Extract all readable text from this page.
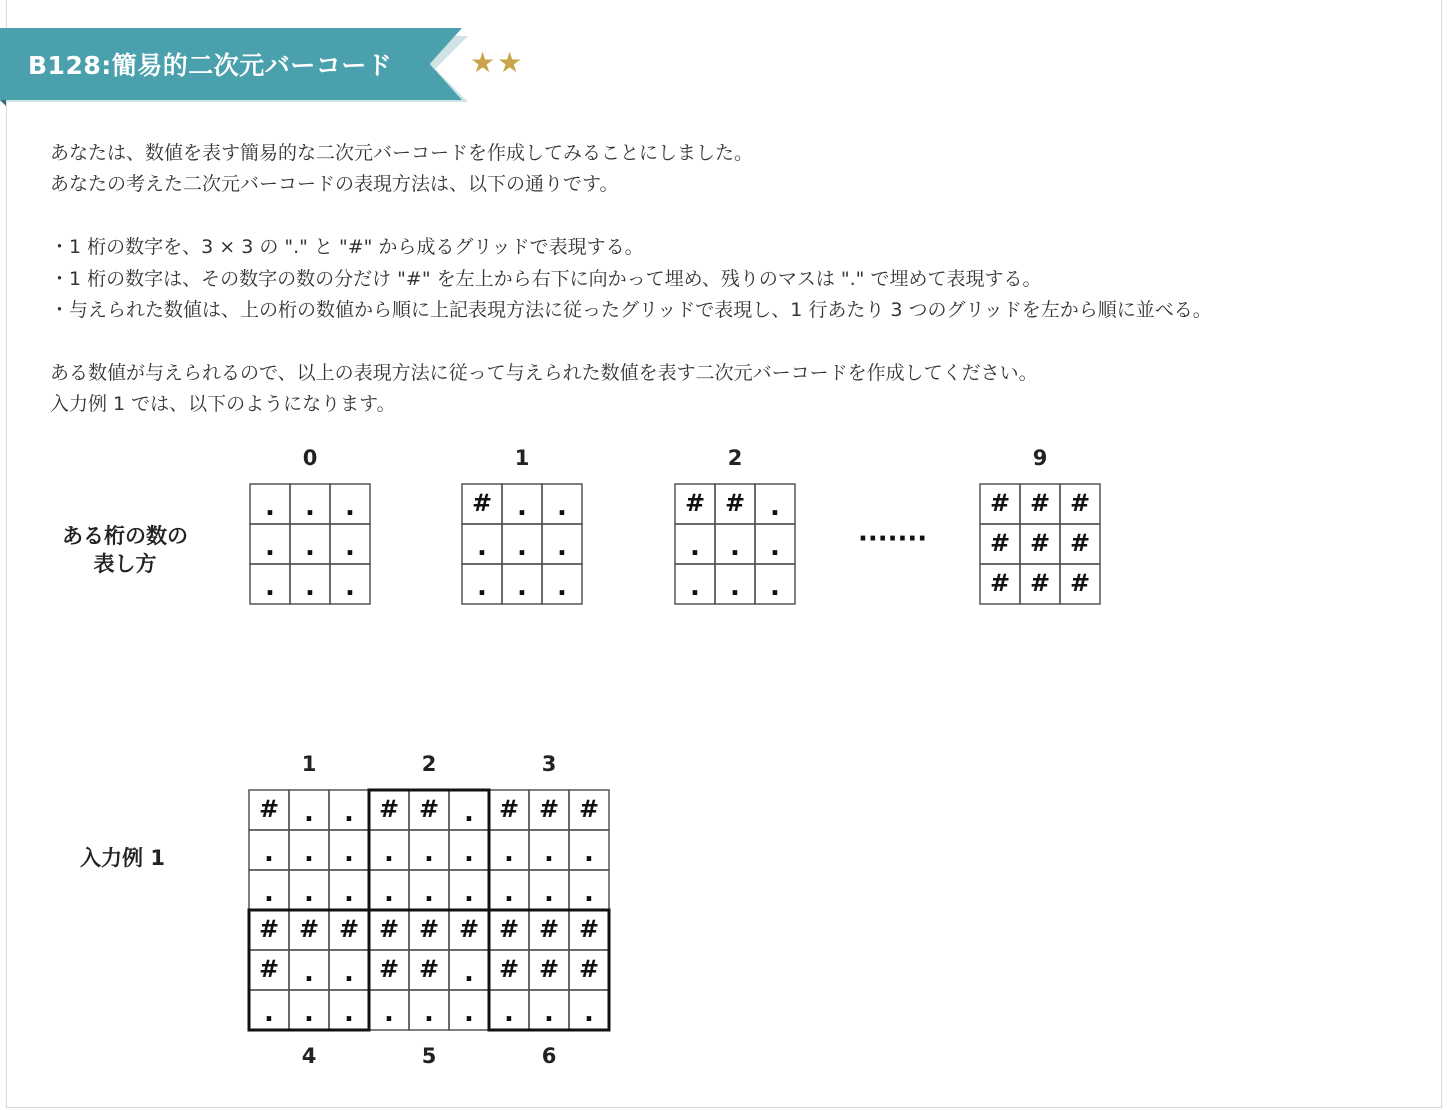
B128:簡易的二次元バーコード	★ ★

あなたは、数値を表す簡易的な二次元バーコードを作成してみることにしました。

あなたの考えた二次元バーコードの表現方法は、以下の通りです。

・1 桁の数字を、3 × 3 の "." と "#" から成るグリッドで表現する。

・1 桁の数字は、その数字の数の分だけ "#" を左上から右下に向かって埋め、残りのマスは "." で埋めて表現する。

・与えられた数値は、上の桁の数値から順に上記表現方法に従ったグリッドで表現し、1 行あたり 3 つのグリッドを左から順に並べる。

ある数値が与えられるので、以上の表現方法に従って与えられた数値を表す二次元バーコードを作成してください。

入力例 1 では、以下のようになります。

ある桁の数の
表し方
·······
0
. . .
. . .
. . .
1
# . .
. . .
. . .
2
# # .
. . .
. . .
9
# # #
# # #
# # #
入力例 1
# . . # # . # # #
. . . . . . . . .
. . . . . . . . .
# # # # # # # # #
# . . # # . # # #
. . . . . . . . .
1	2	3
4	5	6
